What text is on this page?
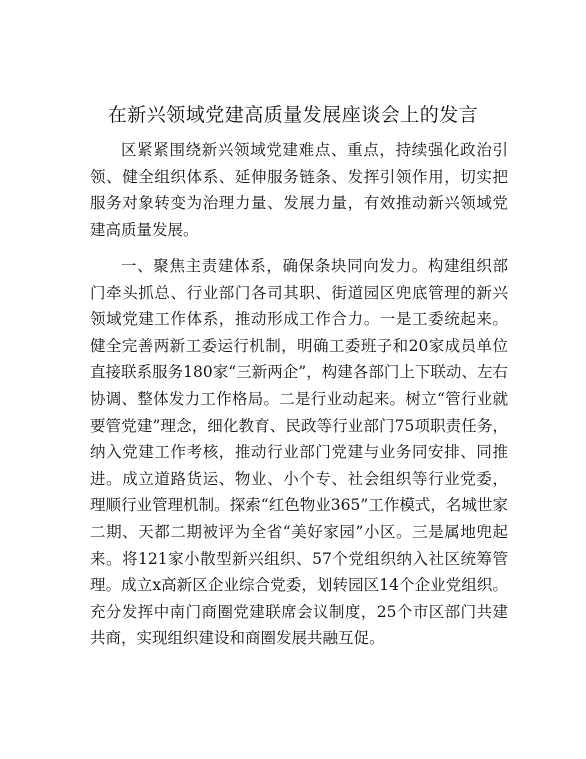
在新兴领域党建高质量发展座谈会上的发言

区紧紧围绕新兴领域党建难点、重点，持续强化政治引领、健全组织体系、延伸服务链条、发挥引领作用，切实把服务对象转变为治理力量、发展力量，有效推动新兴领域党建高质量发展。

一、聚焦主责建体系，确保条块同向发力。构建组织部门牵头抓总、行业部门各司其职、街道园区兜底管理的新兴领域党建工作体系，推动形成工作合力。一是工委统起来。健全完善两新工委运行机制，明确工委班子和20家成员单位直接联系服务180家“三新两企”，构建各部门上下联动、左右协调、整体发力工作格局。二是行业动起来。树立“管行业就要管党建”理念，细化教育、民政等行业部门75项职责任务，纳入党建工作考核，推动行业部门党建与业务同安排、同推进。成立道路货运、物业、小个专、社会组织等行业党委，理顺行业管理机制。探索“红色物业365”工作模式，名城世家二期、天都二期被评为全省“美好家园”小区。三是属地兜起来。将121家小散型新兴组织、57个党组织纳入社区统筹管理。成立x高新区企业综合党委，划转园区14个企业党组织。充分发挥中南门商圈党建联席会议制度，25个市区部门共建共商，实现组织建设和商圈发展共融互促。
